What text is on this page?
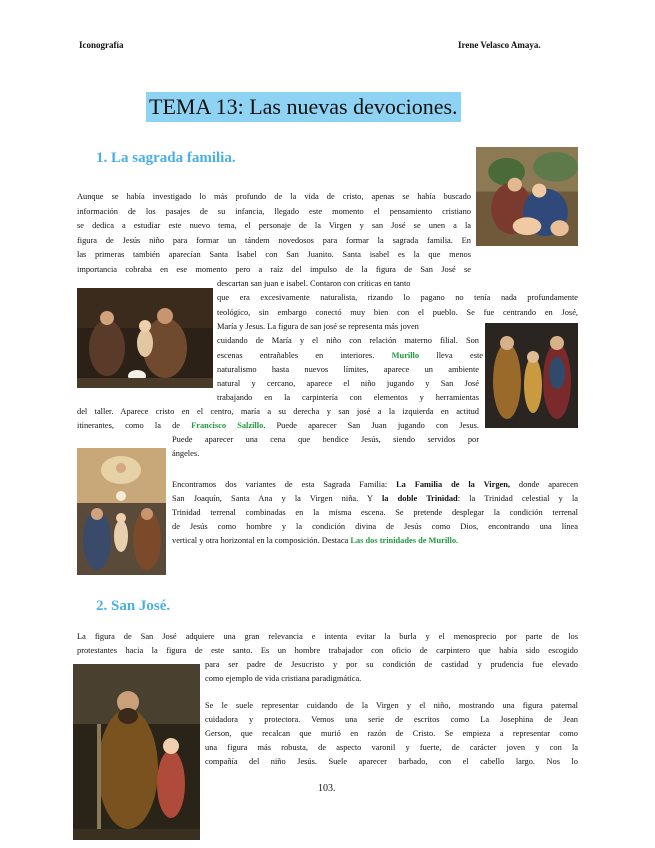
Iconografía	Irene Velasco Amaya.
TEMA 13: Las nuevas devociones.
1. La sagrada familia.
Aunque se había investigado lo más profundo de la vida de cristo, apenas se había buscado
información de los pasajes de su infancia, llegado este momento el pensamiento cristiano
se dedica a estudiar este nuevo tema, el personaje de la Virgen y san José se unen a la
figura de Jesús niño para formar un tándem novedosos para formar la sagrada familia. En
las primeras también aparecían Santa Isabel con San Juanito. Santa isabel es la que menos
importancia cobraba en ese momento pero a raíz del impulso de la figura de San José se
descartan san juan e isabel. Contaron con críticas en tanto
que era excesivamente naturalista, rizando lo pagano no tenía nada profundamente
teológico, sin embargo conectó muy bien con el pueblo. Se fue centrando en José,
María y Jesus. La figura de san josé se representa más joven
cuidando de María y el niño con relación materno filial. Son
escenas entrañables en interiores. Murillo lleva este
naturalismo hasta nuevos límites, aparece un ambiente
natural y cercano, aparece el niño jugando y San José
trabajando en la carpintería con elementos y herramientas
del taller. Aparece cristo en el centro, maría a su derecha y san josé a la izquierda en actitud
itinerantes, como la de Francisco Salzillo. Puede aparecer San Juan jugando con Jesus.
Puede aparecer una cena que bendice Jesús, siendo servidos por
ángeles.
Encontramos dos variantes de esta Sagrada Familia: La Familia de la Virgen, donde aparecen
San Joaquín, Santa Ana y la Virgen niña. Y la doble Trinidad: la Trinidad celestial y la
Trinidad terrenal combinadas en la misma escena. Se pretende desplegar la condición terrenal
de Jesús como hombre y la condición divina de Jesús como Dios, encontrando una línea
vertical y otra horizontal en la composición. Destaca Las dos trinidades de Murillo.
2. San José.
La figura de San José adquiere una gran relevancia e intenta evitar la burla y el menosprecio por parte de los
protestantes hacia la figura de este santo. Es un hombre trabajador con oficio de carpintero que había sido escogido
para ser padre de Jesucristo y por su condición de castidad y prudencia fue elevado
como ejemplo de vida cristiana paradigmática.
Se le suele representar cuidando de la Virgen y el niño, mostrando una figura paternal
cuidadora y protectora. Vemos una serie de escritos como La Josephina de Jean
Gerson, que recalcan que murió en razón de Cristo. Se empieza a representar como
una figura más robusta, de aspecto varonil y fuerte, de carácter joven y con la
compañía del niño Jesús. Suele aparecer barbado, con el cabello largo. Nos lo
103.
